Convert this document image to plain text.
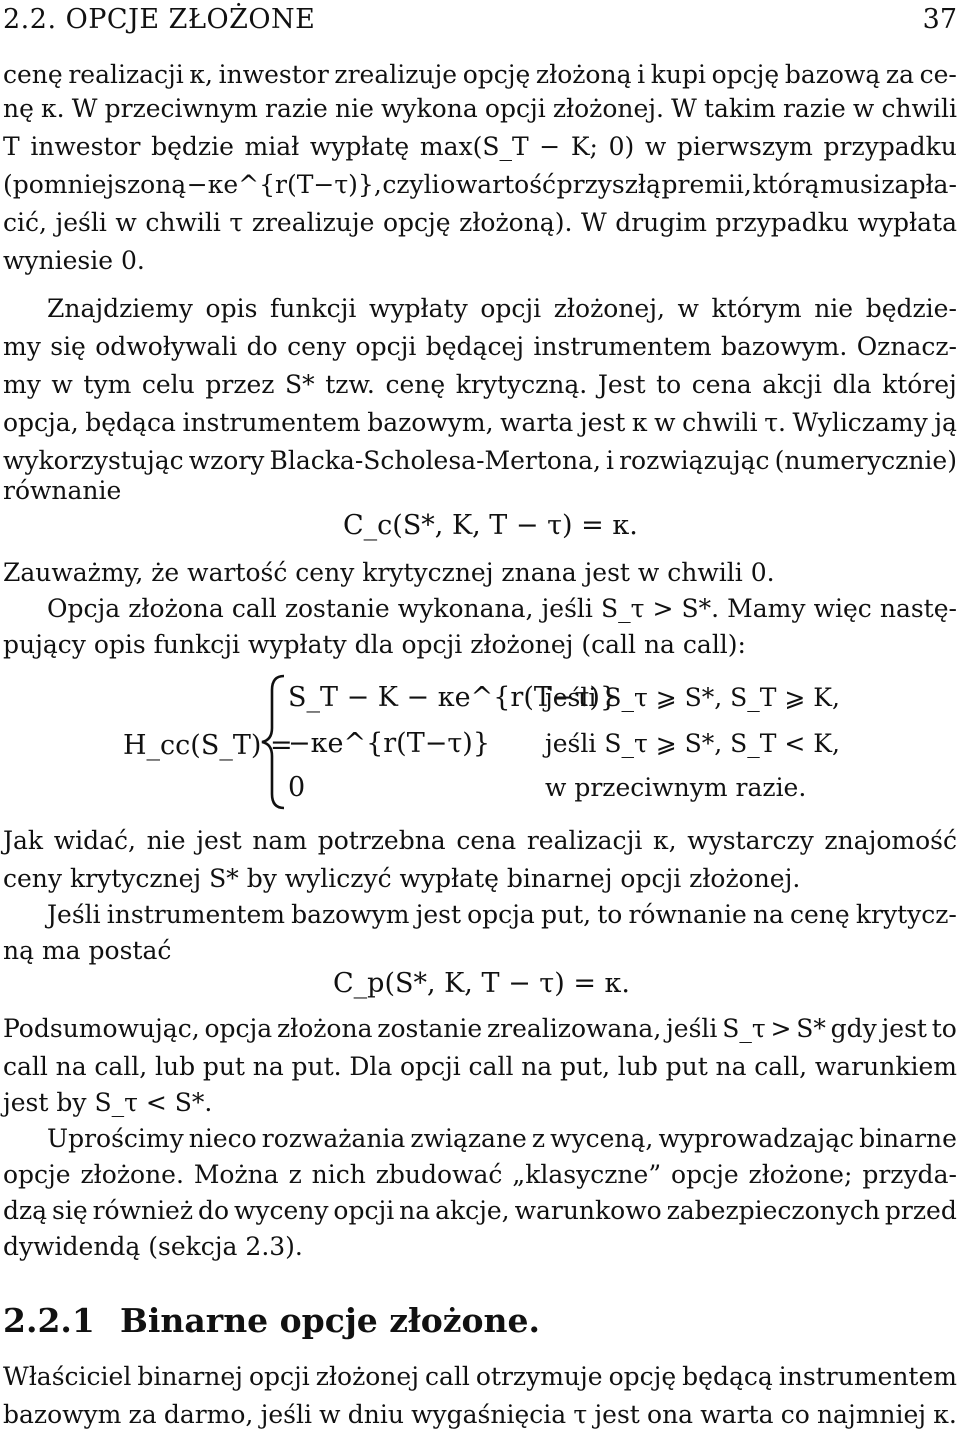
2.2. OPCJE ZŁOŻONE	37
cenę realizacji κ, inwestor zrealizuje opcję złożoną i kupi opcję bazową za ce-
nę κ. W przeciwnym razie nie wykona opcji złożonej. W takim razie w chwili
T inwestor będzie miał wypłatę max(S_T − K; 0) w pierwszym przypadku
(pomniejszoną −κe^{r(T−τ)}, czyli o wartość przyszłą premii, którą musi zapła-
cić, jeśli w chwili τ zrealizuje opcję złożoną). W drugim przypadku wypłata
wyniesie 0.
Znajdziemy opis funkcji wypłaty opcji złożonej, w którym nie będzie-
my się odwoływali do ceny opcji będącej instrumentem bazowym. Oznacz-
my w tym celu przez S* tzw. cenę krytyczną. Jest to cena akcji dla której
opcja, będąca instrumentem bazowym, warta jest κ w chwili τ. Wyliczamy ją
wykorzystując wzory Blacka-Scholesa-Mertona, i rozwiązując (numerycznie)
równanie
C_c(S*, K, T − τ) = κ.
Zauważmy, że wartość ceny krytycznej znana jest w chwili 0.
Opcja złożona call zostanie wykonana, jeśli S_τ > S*. Mamy więc nastę-
pujący opis funkcji wypłaty dla opcji złożonej (call na call):
H_cc(S_T) =
S_T − K − κe^{r(T−τ)}
jeśli S_τ ⩾ S*, S_T ⩾ K,
−κe^{r(T−τ)} jeśli S_τ ⩾ S*, S_T < K,
0	w przeciwnym razie.
Jak widać, nie jest nam potrzebna cena realizacji κ, wystarczy znajomość
ceny krytycznej S* by wyliczyć wypłatę binarnej opcji złożonej.
Jeśli instrumentem bazowym jest opcja put, to równanie na cenę krytycz-
ną ma postać
C_p(S*, K, T − τ) = κ.
Podsumowując, opcja złożona zostanie zrealizowana, jeśli S_τ > S* gdy jest to
call na call, lub put na put. Dla opcji call na put, lub put na call, warunkiem
jest by S_τ < S*.
Uprościmy nieco rozważania związane z wyceną, wyprowadzając binarne
opcje złożone. Można z nich zbudować „klasyczne” opcje złożone; przyda-
dzą się również do wyceny opcji na akcje, warunkowo zabezpieczonych przed
dywidendą (sekcja 2.3).
2.2.1 Binarne opcje złożone.
Właściciel binarnej opcji złożonej call otrzymuje opcję będącą instrumentem
bazowym za darmo, jeśli w dniu wygaśnięcia τ jest ona warta co najmniej κ.
